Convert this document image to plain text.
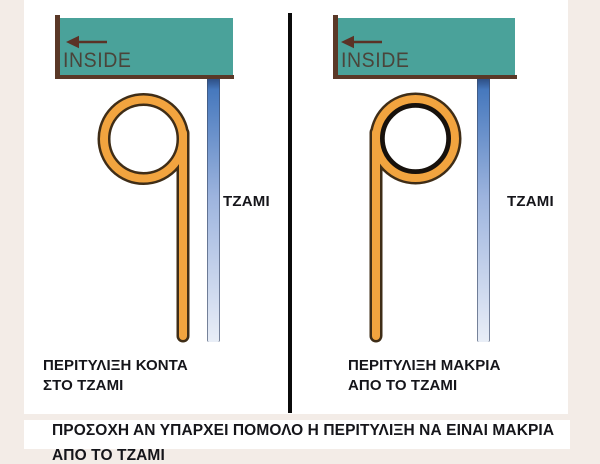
INSIDE
ΤΖΑΜΙ
ΠΕΡΙΤΥΛΙΞΗ ΚΟΝΤΑ
ΣΤΟ ΤΖΑΜΙ
INSIDE
ΤΖΑΜΙ
ΠΕΡΙΤΥΛΙΞΗ ΜΑΚΡΙΑ
ΑΠΟ ΤΟ ΤΖΑΜΙ
ΠΡΟΣΟΧΗ ΑΝ ΥΠΑΡΧΕΙ ΠΟΜΟΛΟ Η ΠΕΡΙΤΥΛΙΞΗ ΝΑ ΕΙΝΑΙ ΜΑΚΡΙΑ
ΑΠΟ ΤΟ ΤΖΑΜΙ
